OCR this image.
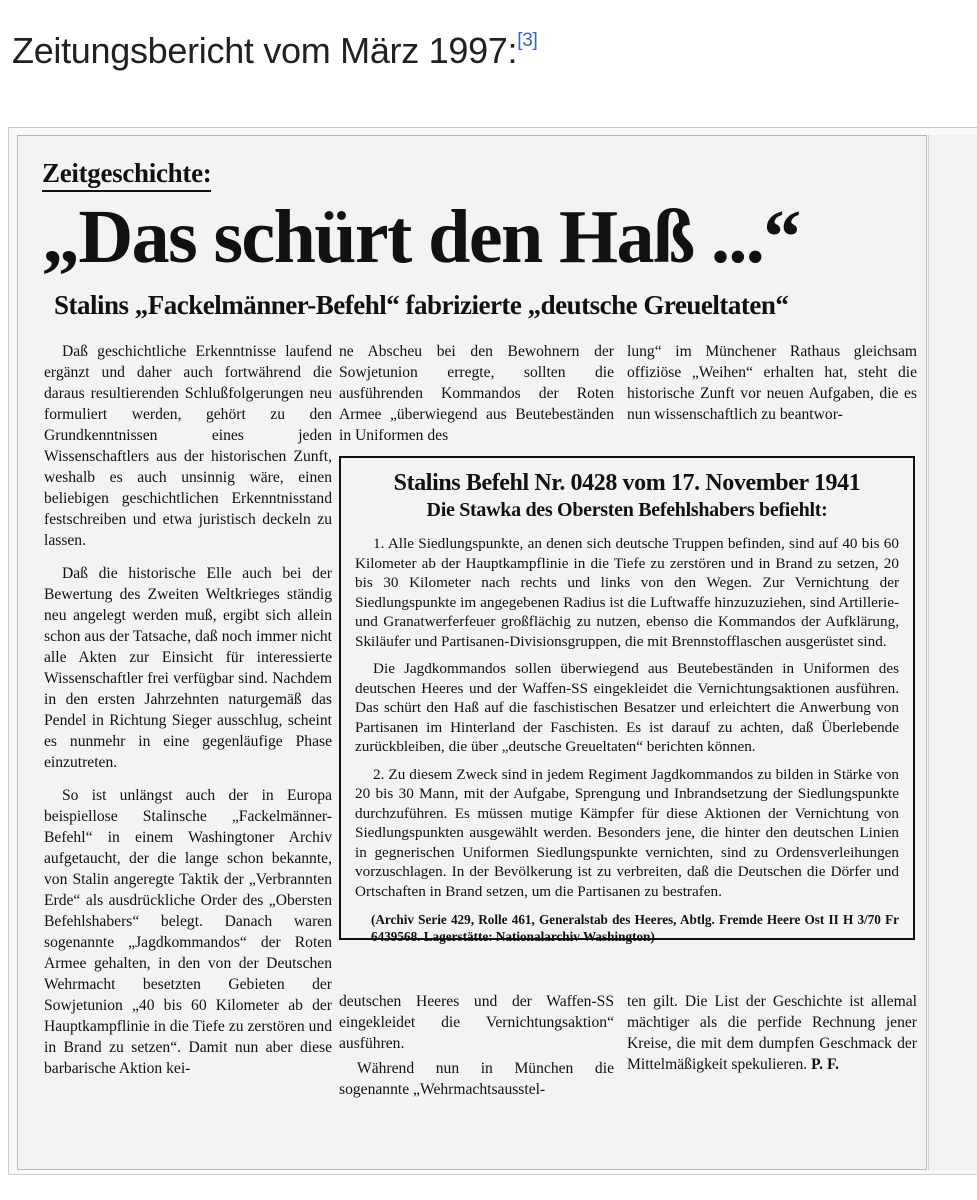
Zeitungsbericht vom März 1997:[3]
Zeitgeschichte:
„Das schürt den Haß ...“
Stalins „Fackelmänner-Befehl“ fabrizierte „deutsche Greueltaten“

Daß geschichtliche Erkenntnisse laufend ergänzt und daher auch fortwährend die daraus resultierenden Schlußfolgerungen neu formuliert werden, gehört zu den Grundkenntnissen eines jeden Wissenschaftlers aus der historischen Zunft, weshalb es auch unsinnig wäre, einen beliebigen geschichtlichen Erkenntnisstand festschreiben und etwa juristisch deckeln zu lassen.

Daß die historische Elle auch bei der Bewertung des Zweiten Weltkrieges ständig neu angelegt werden muß, ergibt sich allein schon aus der Tatsache, daß noch immer nicht alle Akten zur Einsicht für interessierte Wissenschaftler frei verfügbar sind. Nachdem in den ersten Jahrzehnten naturgemäß das Pendel in Richtung Sieger ausschlug, scheint es nunmehr in eine gegenläufige Phase einzutreten.

So ist unlängst auch der in Europa beispiellose Stalinsche „Fackelmänner-Befehl“ in einem Washingtoner Archiv aufgetaucht, der die lange schon bekannte, von Stalin angeregte Taktik der „Verbrannten Erde“ als ausdrückliche Order des „Obersten Befehlshabers“ belegt. Danach waren sogenannte „Jagdkommandos“ der Roten Armee gehalten, in den von der Deutschen Wehrmacht besetzten Gebieten der Sowjetunion „40 bis 60 Kilometer ab der Hauptkampflinie in die Tiefe zu zerstören und in Brand zu setzen“. Damit nun aber diese barbarische Aktion kei-

ne Abscheu bei den Bewohnern der Sowjetunion erregte, sollten die ausführenden Kommandos der Roten Armee „überwiegend aus Beutebeständen in Uniformen des

lung“ im Münchener Rathaus gleichsam offiziöse „Weihen“ erhalten hat, steht die historische Zunft vor neuen Aufgaben, die es nun wissenschaftlich zu beantwor-

Stalins Befehl Nr. 0428 vom 17. November 1941
Die Stawka des Obersten Befehlshabers befiehlt:

1. Alle Siedlungspunkte, an denen sich deutsche Truppen befinden, sind auf 40 bis 60 Kilometer ab der Hauptkampflinie in die Tiefe zu zerstören und in Brand zu setzen, 20 bis 30 Kilometer nach rechts und links von den Wegen. Zur Vernichtung der Siedlungspunkte im angegebenen Radius ist die Luftwaffe hinzuzuziehen, sind Artillerie- und Granatwerferfeuer großflächig zu nutzen, ebenso die Kommandos der Aufklärung, Skiläufer und Partisanen-Divisionsgruppen, die mit Brennstofflaschen ausgerüstet sind.

Die Jagdkommandos sollen überwiegend aus Beutebeständen in Uniformen des deutschen Heeres und der Waffen-SS eingekleidet die Vernichtungsaktionen ausführen. Das schürt den Haß auf die faschistischen Besatzer und erleichtert die Anwerbung von Partisanen im Hinterland der Faschisten. Es ist darauf zu achten, daß Überlebende zurückbleiben, die über „deutsche Greueltaten“ berichten können.

2. Zu diesem Zweck sind in jedem Regiment Jagdkommandos zu bilden in Stärke von 20 bis 30 Mann, mit der Aufgabe, Sprengung und Inbrandsetzung der Siedlungspunkte durchzuführen. Es müssen mutige Kämpfer für diese Aktionen der Vernichtung von Siedlungspunkten ausgewählt werden. Besonders jene, die hinter den deutschen Linien in gegnerischen Uniformen Siedlungspunkte vernichten, sind zu Ordensverleihungen vorzuschlagen. In der Bevölkerung ist zu verbreiten, daß die Deutschen die Dörfer und Ortschaften in Brand setzen, um die Partisanen zu bestrafen.

(Archiv Serie 429, Rolle 461, Generalstab des Heeres, Abtlg. Fremde Heere Ost II H 3/70 Fr 6439568. Lagerstätte: Nationalarchiv Washington)

deutschen Heeres und der Waffen-SS eingekleidet die Vernichtungsaktion“ ausführen.

Während nun in München die sogenannte „Wehrmachtsausstel-

ten gilt. Die List der Geschichte ist allemal mächtiger als die perfide Rechnung jener Kreise, die mit dem dumpfen Geschmack der Mittelmäßigkeit spekulieren. P. F.
